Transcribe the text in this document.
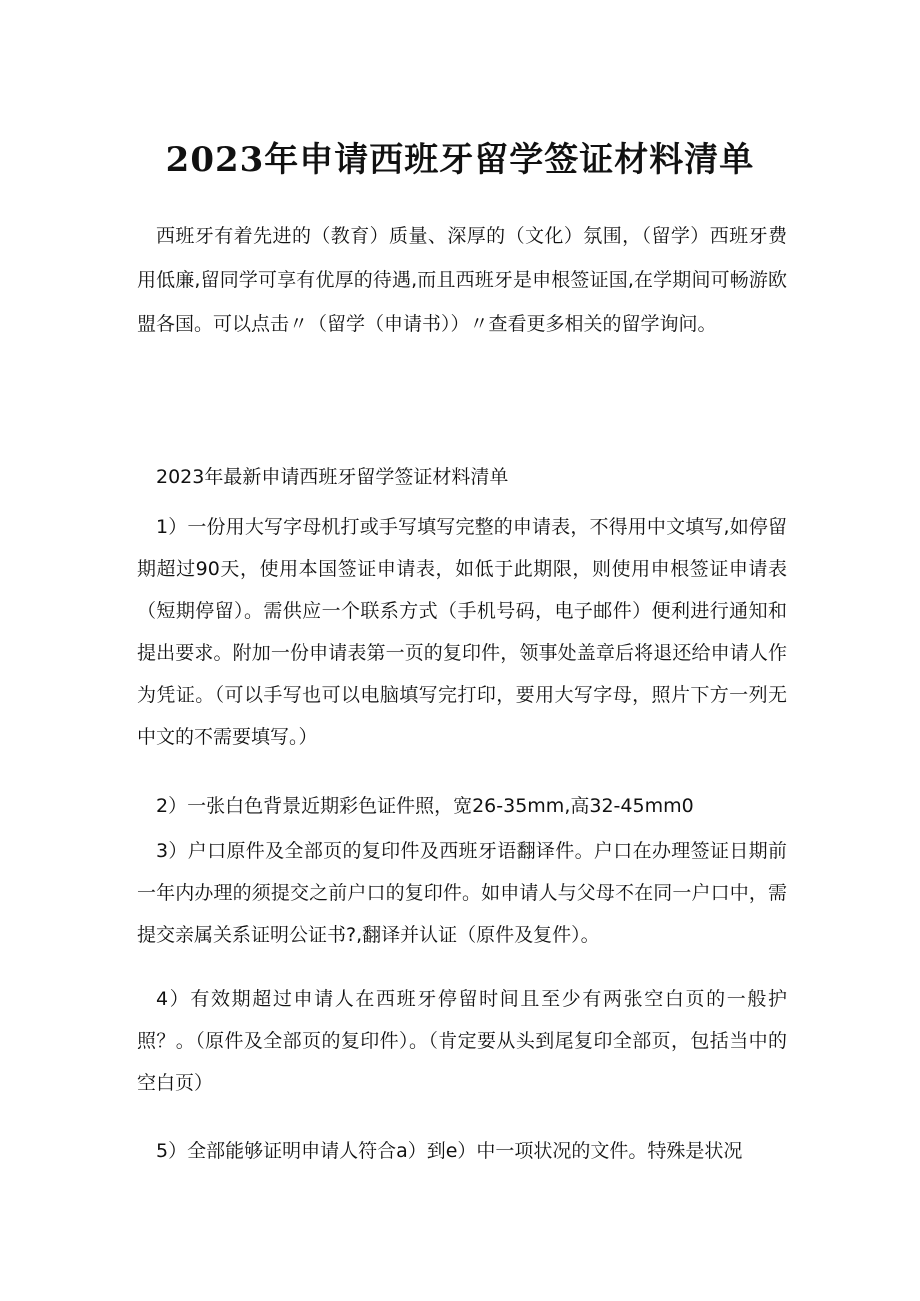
2023年申请西班牙留学签证材料清单

西班牙有着先进的（教育）质量、深厚的（文化）氛围，（留学）西班牙费用低廉,留同学可享有优厚的待遇,而且西班牙是申根签证国,在学期间可畅游欧盟各国。可以点击〃（留学（申请书））〃查看更多相关的留学询问。

2023年最新申请西班牙留学签证材料清单

1）一份用大写字母机打或手写填写完整的申请表，不得用中文填写,如停留期超过90天，使用本国签证申请表，如低于此期限，则使用申根签证申请表（短期停留）。需供应一个联系方式（手机号码，电子邮件）便利进行通知和提出要求。附加一份申请表第一页的复印件，领事处盖章后将退还给申请人作为凭证。（可以手写也可以电脑填写完打印，要用大写字母，照片下方一列无中文的不需要填写。）

2）一张白色背景近期彩色证件照，宽26-35mm,高32-45mm0

3）户口原件及全部页的复印件及西班牙语翻译件。户口在办理签证日期前一年内办理的须提交之前户口的复印件。如申请人与父母不在同一户口中，需提交亲属关系证明公证书?,翻译并认证（原件及复件）。

4）有效期超过申请人在西班牙停留时间且至少有两张空白页的一般护照？。（原件及全部页的复印件）。（肯定要从头到尾复印全部页，包括当中的空白页）

5）全部能够证明申请人符合a）到e）中一项状况的文件。特殊是状况
